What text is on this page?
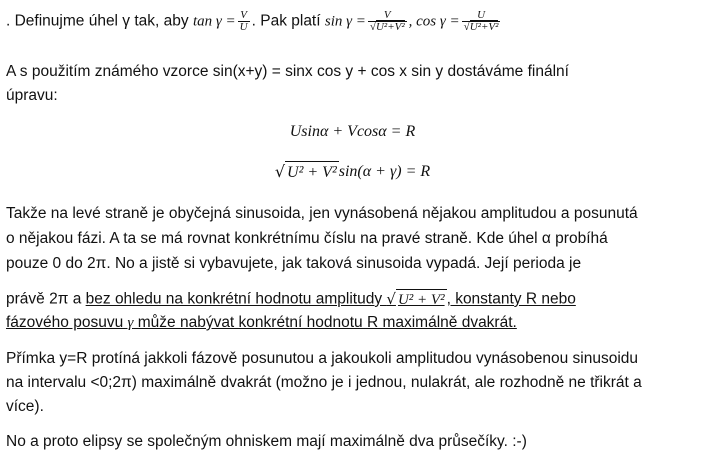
. Definujme úhel γ tak, aby $\tan \gamma = \frac{V}{U}$ . Pak platí $\sin \gamma = \frac{V}{\text{√U²+V²}}$ , $\cos \gamma = \frac{U}{\text{√U²+V²}}$
A s použitím známého vzorce sin(x+y) = sinx cos y + cos x sin y dostáváme finální
úpravu:
Usinα + Vcosα = R
√ U² + V² sin(α + γ) = R
Takže na levé straně je obyčejná sinusoida, jen vynásobená nějakou amplitudou a posunutá
o nějakou fázi. A ta se má rovnat konkrétnímu číslu na pravé straně. Kde úhel α probíhá
pouze 0 do 2π. No a jistě si vybavujete, jak taková sinusoida vypadá. Její perioda je
právě 2π a bez ohledu na konkrétní hodnotu amplitudy √ U² + V² , konstanty R nebo
fázového posuvu γ může nabývat konkrétní hodnotu R maximálně dvakrát.
Přímka y=R protíná jakkoli fázově posunutou a jakoukoli amplitudou vynásobenou sinusoidu
na intervalu <0;2π) maximálně dvakrát (možno je i jednou, nulakrát, ale rozhodně ne třikrát a
více).
No a proto elipsy se společným ohniskem mají maximálně dva průsečíky. :-)
